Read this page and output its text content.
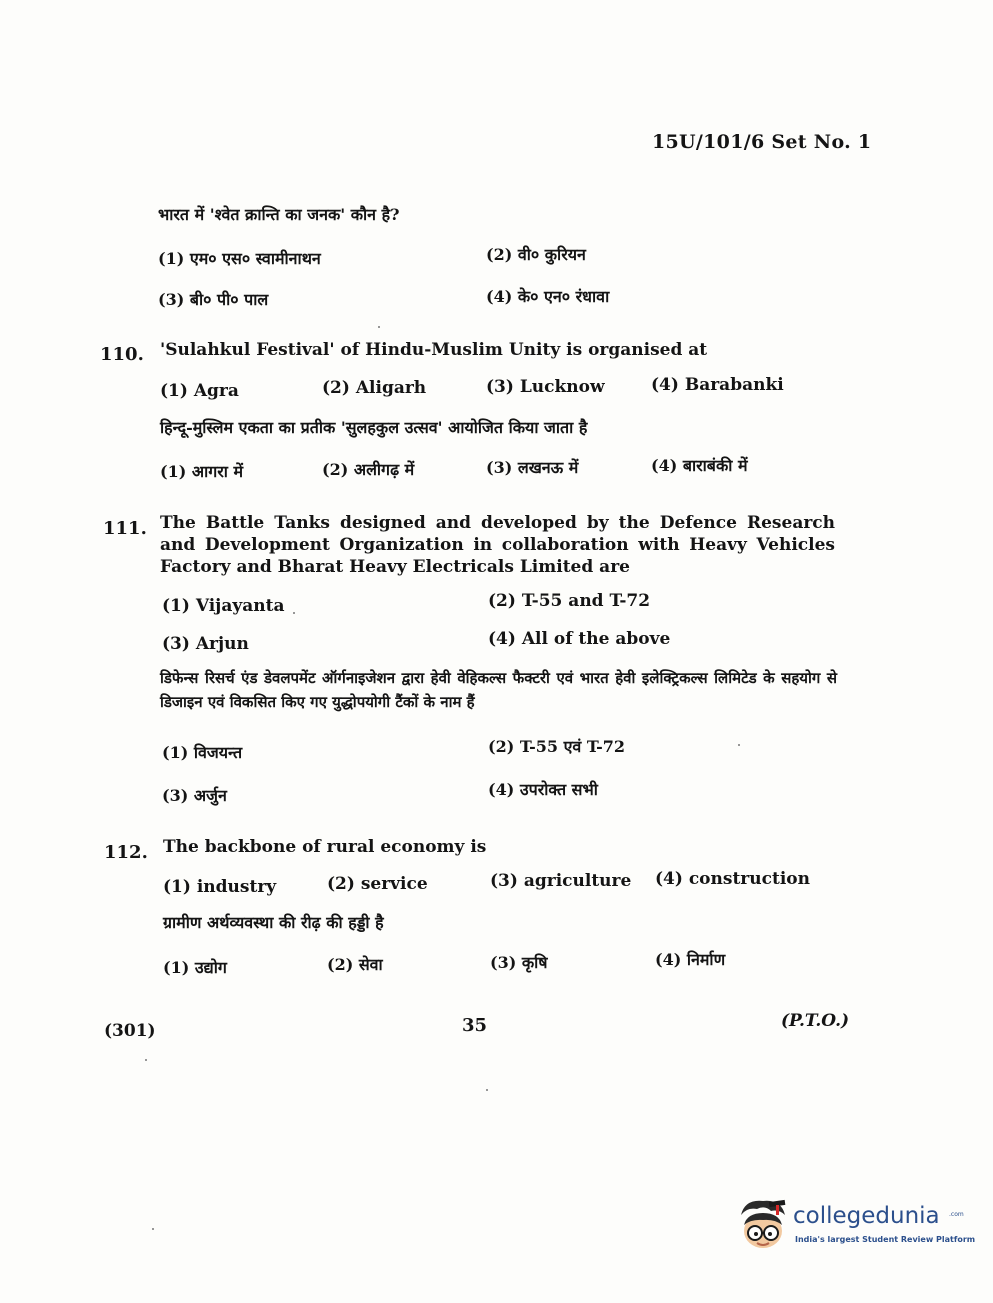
15U/101/6 Set No. 1
भारत में 'श्वेत क्रान्ति का जनक' कौन है?
(1) एम० एस० स्वामीनाथन	(2) वी० कुरियन
(3) बी० पी० पाल	(4) के० एन० रंधावा
110. 'Sulahkul Festival' of Hindu-Muslim Unity is organised at
(1) Agra	(2) Aligarh	(3) Lucknow	(4) Barabanki
हिन्दू-मुस्लिम एकता का प्रतीक 'सुलहकुल उत्सव' आयोजित किया जाता है
(1) आगरा में	(2) अलीगढ़ में	(3) लखनऊ में	(4) बाराबंकी में
111. The Battle Tanks designed and developed by the Defence Research and Development Organization in collaboration with Heavy Vehicles Factory and Bharat Heavy Electricals Limited are
(1) Vijayanta	(2) T-55 and T-72
(3) Arjun	(4) All of the above
डिफेन्स रिसर्च एंड डेवलपमेंट ऑर्गनाइजेशन द्वारा हेवी वेहिकल्स फैक्टरी एवं भारत हेवी इलेक्ट्रिकल्स लिमिटेड के सहयोग से डिजाइन एवं विकसित किए गए युद्धोपयोगी टैंकों के नाम हैं
(1) विजयन्त	(2) T-55 एवं T-72
(3) अर्जुन	(4) उपरोक्त सभी
112. The backbone of rural economy is
(1) industry	(2) service	(3) agriculture (4) construction
ग्रामीण अर्थव्यवस्था की रीढ़ की हड्डी है
(1) उद्योग	(2) सेवा	(3) कृषि	(4) निर्माण
(301)	35	(P.T.O.)
collegedunia .com
India's largest Student Review Platform
